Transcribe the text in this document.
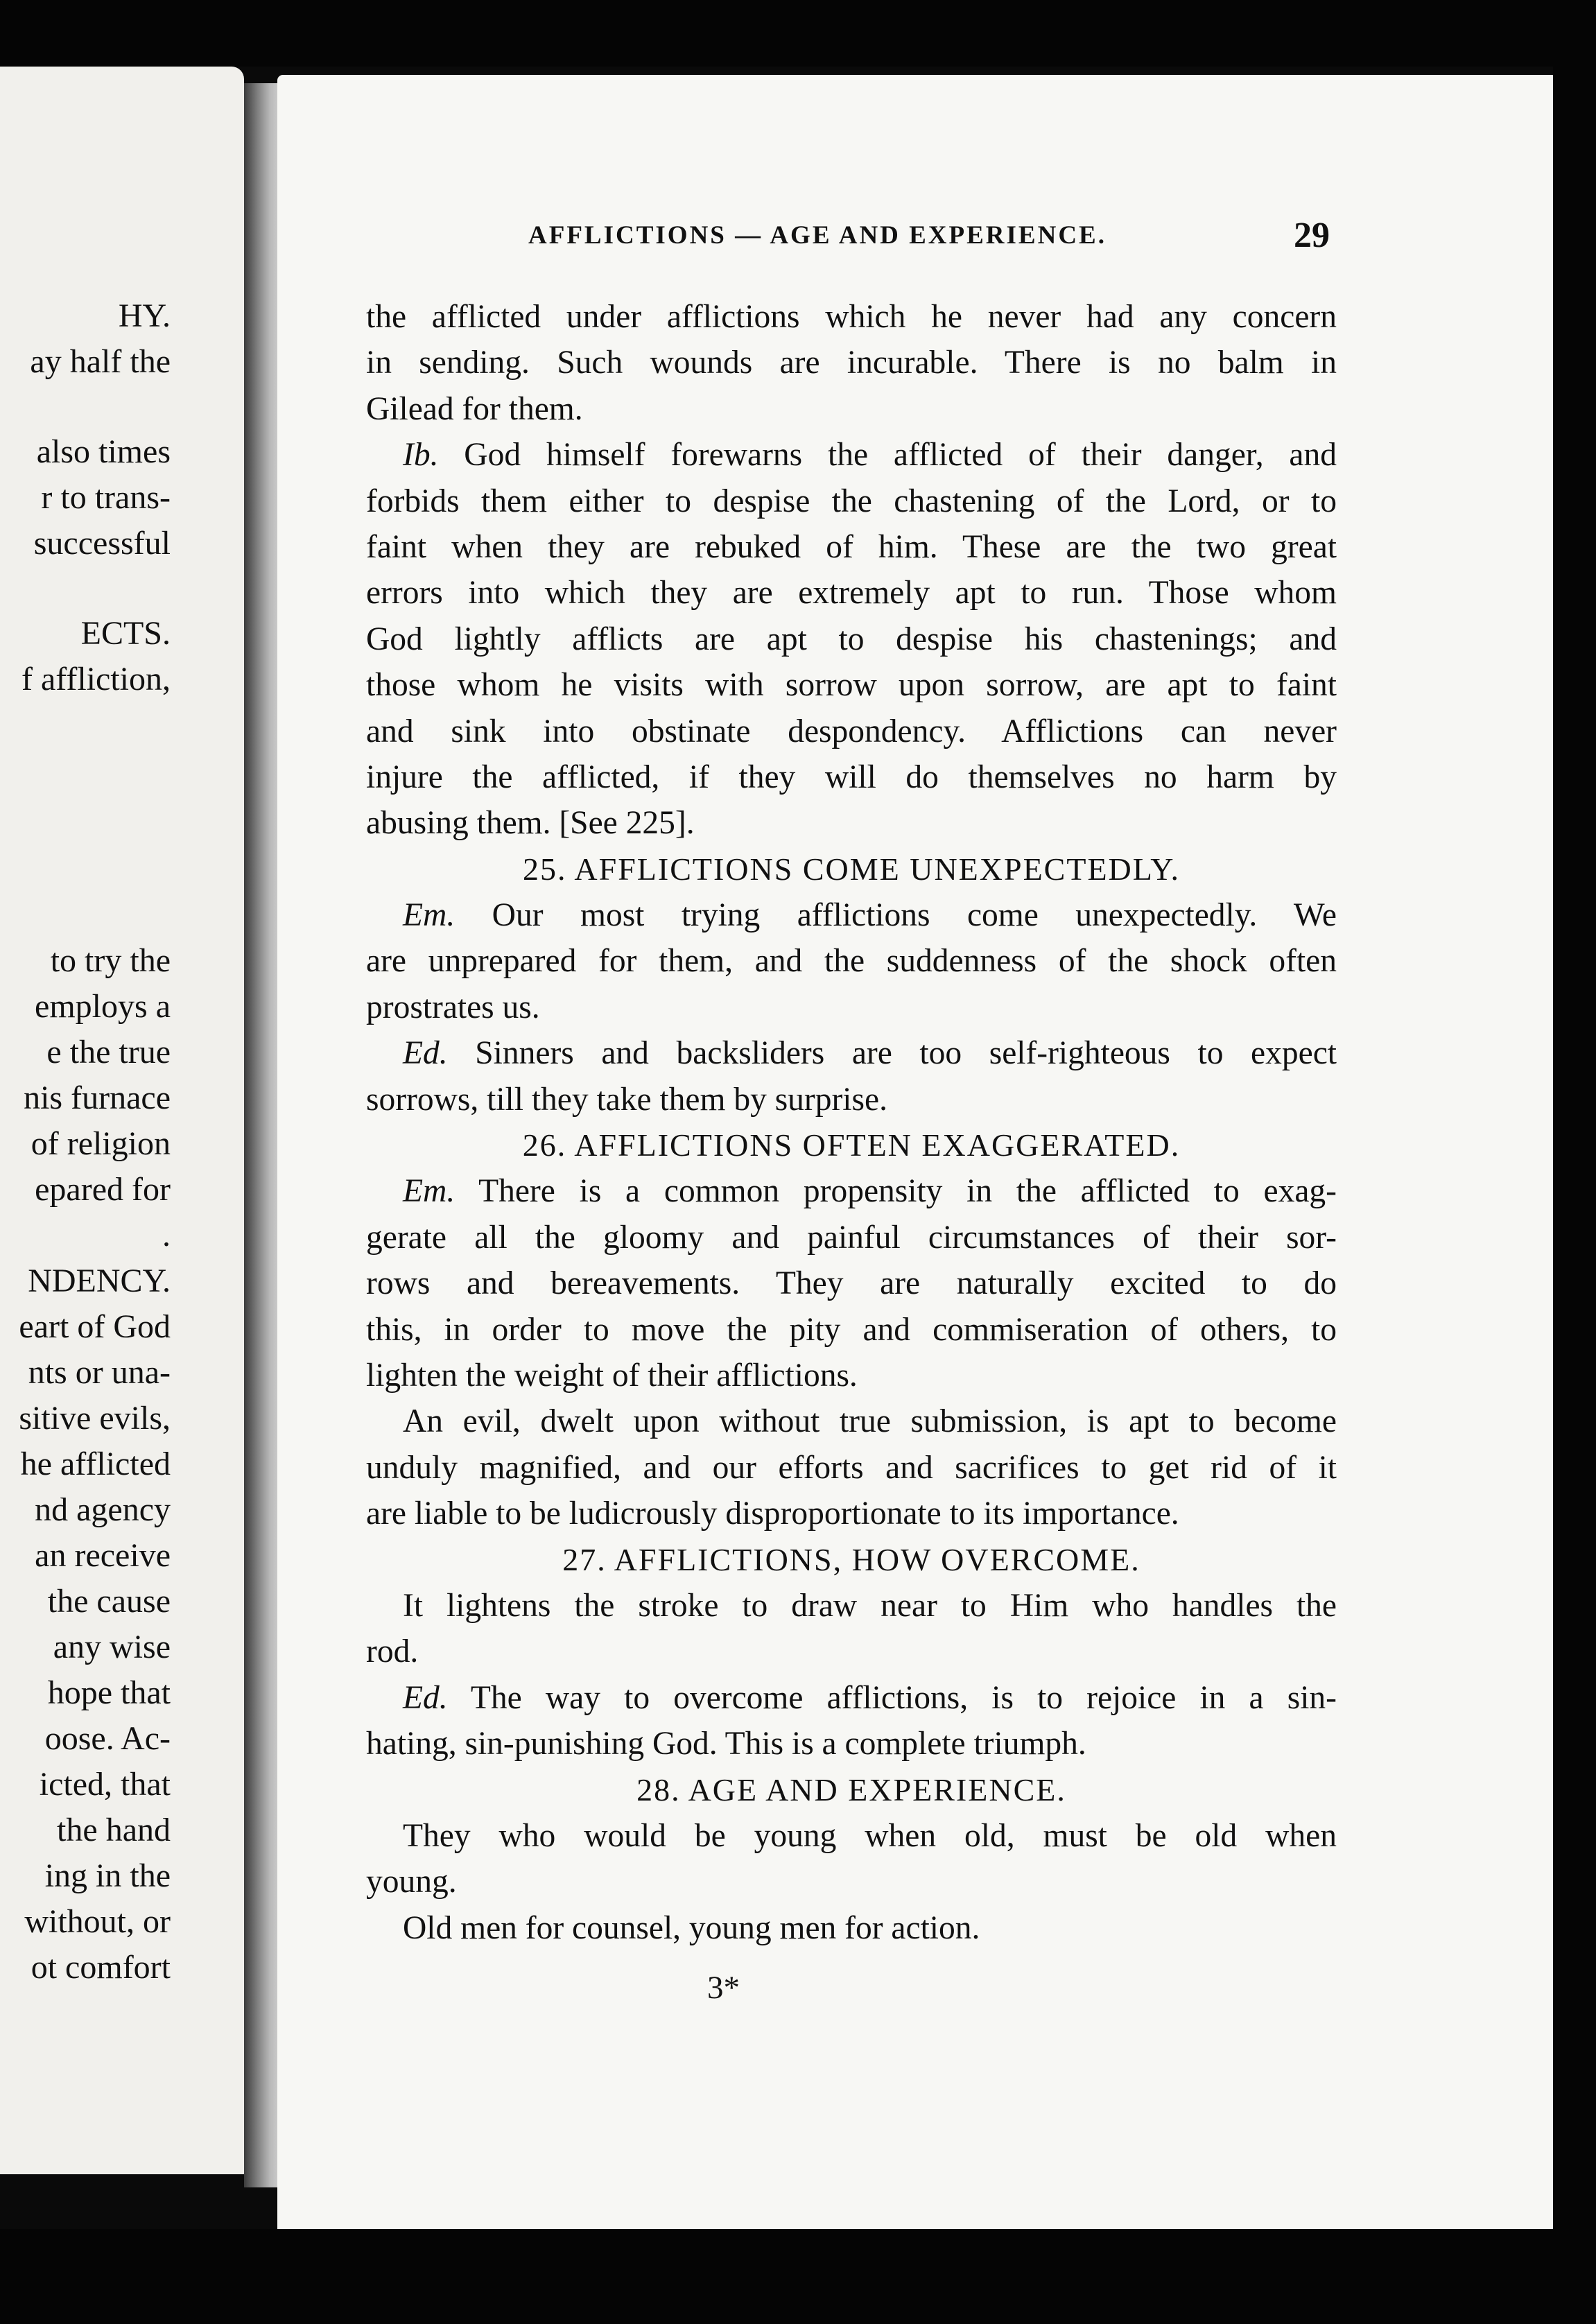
HY.
ay half the
also times
r to trans-
successful
ECTS.
f affliction,
to try the
employs a
e the true
nis furnace
of religion
epared for
.
NDENCY.
eart of God
nts or una-
sitive evils,
he afflicted
nd agency
an receive
the cause
any wise
hope that
oose. Ac-
icted, that
the hand
ing in the
without, or
ot comfort
AFFLICTIONS — AGE AND EXPERIENCE.	29
the afflicted under afflictions which he never had any concern
in sending. Such wounds are incurable. There is no balm in
Gilead for them.
Ib. God himself forewarns the afflicted of their danger, and
forbids them either to despise the chastening of the Lord, or to
faint when they are rebuked of him. These are the two great
errors into which they are extremely apt to run. Those whom
God lightly afflicts are apt to despise his chastenings; and
those whom he visits with sorrow upon sorrow, are apt to faint
and sink into obstinate despondency. Afflictions can never
injure the afflicted, if they will do themselves no harm by
abusing them. [See 225].
25. AFFLICTIONS COME UNEXPECTEDLY.
Em. Our most trying afflictions come unexpectedly. We
are unprepared for them, and the suddenness of the shock often
prostrates us.
Ed. Sinners and backsliders are too self-righteous to expect
sorrows, till they take them by surprise.
26. AFFLICTIONS OFTEN EXAGGERATED.
Em. There is a common propensity in the afflicted to exag-
gerate all the gloomy and painful circumstances of their sor-
rows and bereavements. They are naturally excited to do
this, in order to move the pity and commiseration of others, to
lighten the weight of their afflictions.
An evil, dwelt upon without true submission, is apt to become
unduly magnified, and our efforts and sacrifices to get rid of it
are liable to be ludicrously disproportionate to its importance.
27. AFFLICTIONS, HOW OVERCOME.
It lightens the stroke to draw near to Him who handles the
rod.
Ed. The way to overcome afflictions, is to rejoice in a sin-
hating, sin-punishing God. This is a complete triumph.
28. AGE AND EXPERIENCE.
They who would be young when old, must be old when
young.
Old men for counsel, young men for action.
3*
